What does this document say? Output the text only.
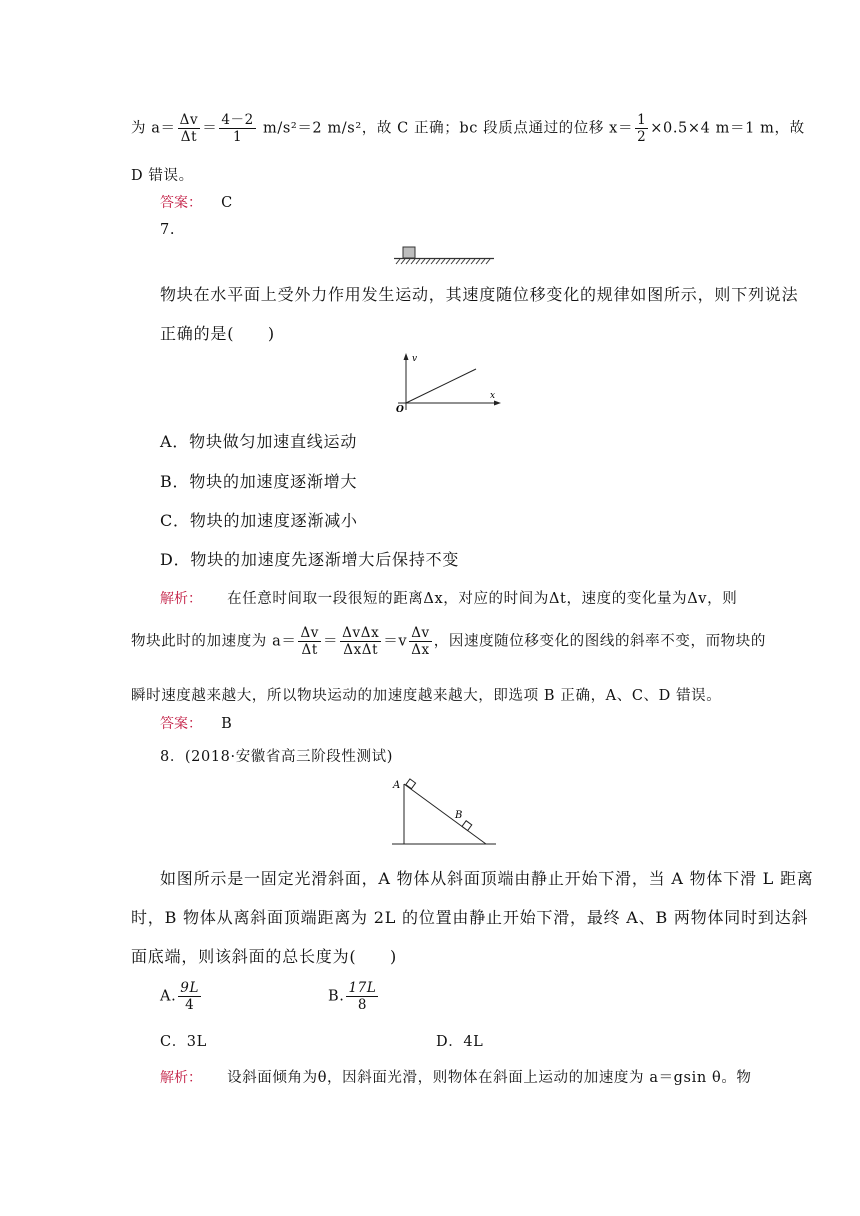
为 $a= \frac{\Delta v}{\Delta t} = \frac{4-2}{1} m/s^2=2$ m/s²，故 C 正确；bc 段质点通过的位移 $x= \frac{1}{2} \times 0.5\times 4$ m＝1 m，故
D 错误。
答案： C
7.
物块在水平面上受外力作用发生运动，其速度随位移变化的规律如图所示，则下列说法
正确的是(　　)
v
x
O
A．物块做匀加速直线运动
B．物块的加速度逐渐增大
C．物块的加速度逐渐减小
D．物块的加速度先逐渐增大后保持不变
解析： 在任意时间取一段很短的距离Δx，对应的时间为Δt，速度的变化量为Δv，则
物块此时的加速度为 $a= \frac{\Delta v}{\Delta t} = \frac{\text{ΔvΔx}}{\text{ΔxΔt}} =v \frac{\Delta v}{\Delta x}$ ，因速度随位移变化的图线的斜率不变，而物块的
瞬时速度越来越大，所以物块运动的加速度越来越大，即选项 B 正确，A、C、D 错误。
答案： B
8．(2018·安徽省高三阶段性测试)
A
B
如图所示是一固定光滑斜面，A 物体从斜面顶端由静止开始下滑，当 A 物体下滑 L 距离
时，B 物体从离斜面顶端距离为 2L 的位置由静止开始下滑，最终 A、B 两物体同时到达斜
面底端，则该斜面的总长度为(　　)
A. $\frac{9L}{4}$	B. $\frac{17L}{8}$
C．3L	D．4L
解析： 设斜面倾角为θ，因斜面光滑，则物体在斜面上运动的加速度为 a＝gsin θ。物
